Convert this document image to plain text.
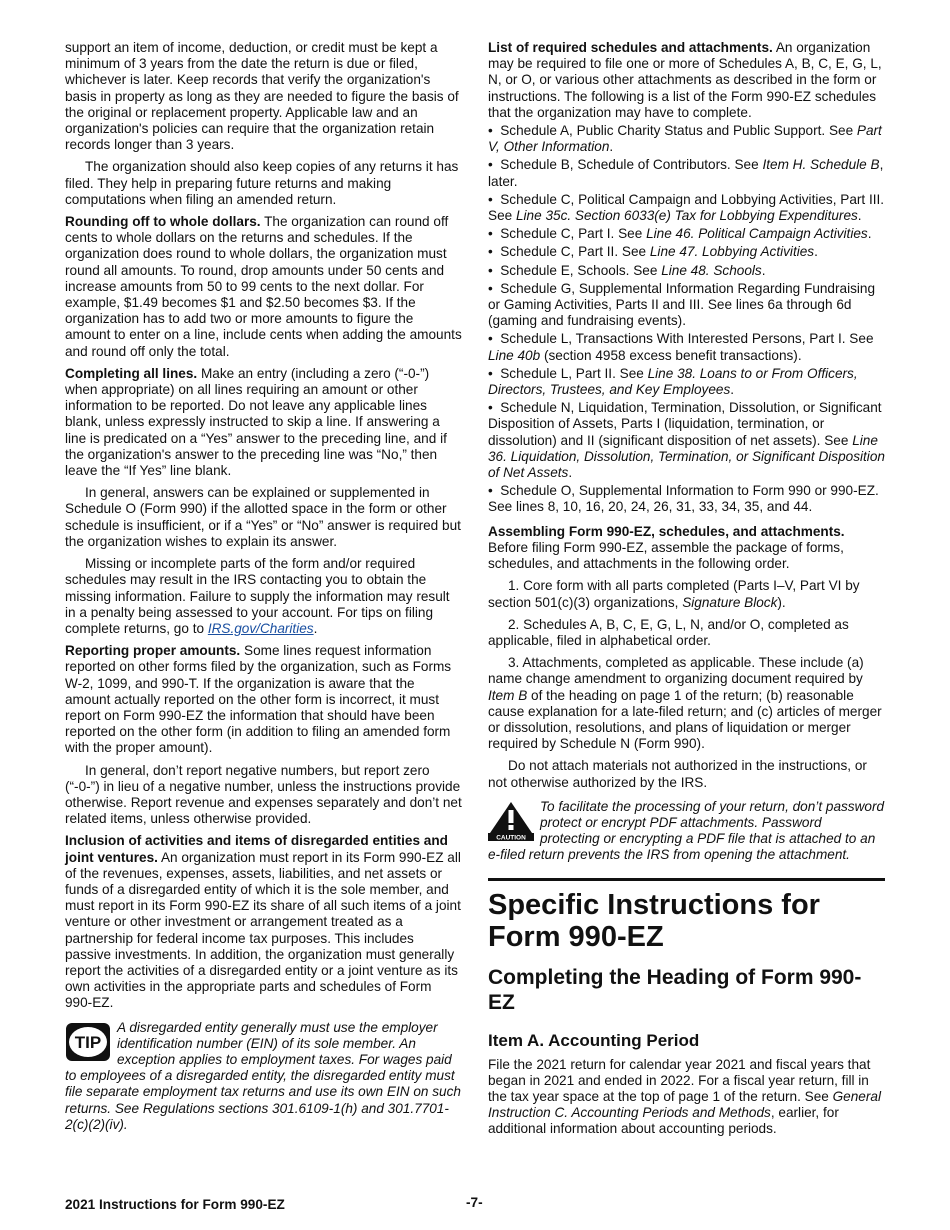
support an item of income, deduction, or credit must be kept a minimum of 3 years from the date the return is due or filed, whichever is later. Keep records that verify the organization's basis in property as long as they are needed to figure the basis of the original or replacement property. Applicable law and an organization's policies can require that the organization retain records longer than 3 years.

The organization should also keep copies of any returns it has filed. They help in preparing future returns and making computations when filing an amended return.

Rounding off to whole dollars. The organization can round off cents to whole dollars on the returns and schedules. If the organization does round to whole dollars, the organization must round all amounts. To round, drop amounts under 50 cents and increase amounts from 50 to 99 cents to the next dollar. For example, $1.49 becomes $1 and $2.50 becomes $3. If the organization has to add two or more amounts to figure the amount to enter on a line, include cents when adding the amounts and round off only the total.

Completing all lines. Make an entry (including a zero (“-0-”) when appropriate) on all lines requiring an amount or other information to be reported. Do not leave any applicable lines blank, unless expressly instructed to skip a line. If answering a line is predicated on a “Yes” answer to the preceding line, and if the organization's answer to the preceding line was “No,” then leave the “If Yes” line blank.

In general, answers can be explained or supplemented in Schedule O (Form 990) if the allotted space in the form or other schedule is insufficient, or if a “Yes” or “No” answer is required but the organization wishes to explain its answer.

Missing or incomplete parts of the form and/or required schedules may result in the IRS contacting you to obtain the missing information. Failure to supply the information may result in a penalty being assessed to your account. For tips on filing complete returns, go to IRS.gov/Charities.

Reporting proper amounts. Some lines request information reported on other forms filed by the organization, such as Forms W-2, 1099, and 990-T. If the organization is aware that the amount actually reported on the other form is incorrect, it must report on Form 990-EZ the information that should have been reported on the other form (in addition to filing an amended form with the proper amount).

In general, don’t report negative numbers, but report zero (“-0-”) in lieu of a negative number, unless the instructions provide otherwise. Report revenue and expenses separately and don’t net related items, unless otherwise provided.

Inclusion of activities and items of disregarded entities and joint ventures. An organization must report in its Form 990-EZ all of the revenues, expenses, assets, liabilities, and net assets or funds of a disregarded entity of which it is the sole member, and must report in its Form 990-EZ its share of all such items of a joint venture or other investment or arrangement treated as a partnership for federal income tax purposes. This includes passive investments. In addition, the organization must generally report the activities of a disregarded entity or a joint venture as its own activities in the appropriate parts and schedules of Form 990-EZ.

TIP
A disregarded entity generally must use the employer identification number (EIN) of its sole member. An exception applies to employment taxes. For wages paid to employees of a disregarded entity, the disregarded entity must file separate employment tax returns and use its own EIN on such returns. See Regulations sections 301.6109-1(h) and 301.7701-2(c)(2)(iv).

List of required schedules and attachments. An organization may be required to file one or more of Schedules A, B, C, E, G, L, N, or O, or various other attachments as described in the form or instructions. The following is a list of the Form 990-EZ schedules that the organization may have to complete.

• Schedule A, Public Charity Status and Public Support. See Part V, Other Information.

• Schedule B, Schedule of Contributors. See Item H. Schedule B, later.

• Schedule C, Political Campaign and Lobbying Activities, Part III. See Line 35c. Section 6033(e) Tax for Lobbying Expenditures.

• Schedule C, Part I. See Line 46. Political Campaign Activities.

• Schedule C, Part II. See Line 47. Lobbying Activities.

• Schedule E, Schools. See Line 48. Schools.

• Schedule G, Supplemental Information Regarding Fundraising or Gaming Activities, Parts II and III. See lines 6a through 6d (gaming and fundraising events).

• Schedule L, Transactions With Interested Persons, Part I. See Line 40b (section 4958 excess benefit transactions).

• Schedule L, Part II. See Line 38. Loans to or From Officers, Directors, Trustees, and Key Employees.

• Schedule N, Liquidation, Termination, Dissolution, or Significant Disposition of Assets, Parts I (liquidation, termination, or dissolution) and II (significant disposition of net assets). See Line 36. Liquidation, Dissolution, Termination, or Significant Disposition of Net Assets.

• Schedule O, Supplemental Information to Form 990 or 990-EZ. See lines 8, 10, 16, 20, 24, 26, 31, 33, 34, 35, and 44.

Assembling Form 990-EZ, schedules, and attachments. Before filing Form 990-EZ, assemble the package of forms, schedules, and attachments in the following order.

1. Core form with all parts completed (Parts I–V, Part VI by section 501(c)(3) organizations, Signature Block).

2. Schedules A, B, C, E, G, L, N, and/or O, completed as applicable, filed in alphabetical order.

3. Attachments, completed as applicable. These include (a) name change amendment to organizing document required by Item B of the heading on page 1 of the return; (b) reasonable cause explanation for a late-filed return; and (c) articles of merger or dissolution, resolutions, and plans of liquidation or merger required by Schedule N (Form 990).

Do not attach materials not authorized in the instructions, or not otherwise authorized by the IRS.

CAUTION
To facilitate the processing of your return, don’t password protect or encrypt PDF attachments. Password protecting or encrypting a PDF file that is attached to an e-filed return prevents the IRS from opening the attachment.
Specific Instructions for Form 990-EZ
Completing the Heading of Form 990-EZ
Item A. Accounting Period

File the 2021 return for calendar year 2021 and fiscal years that began in 2021 and ended in 2022. For a fiscal year return, fill in the tax year space at the top of page 1 of the return. See General Instruction C. Accounting Periods and Methods, earlier, for additional information about accounting periods.

2021 Instructions for Form 990-EZ	-7-
